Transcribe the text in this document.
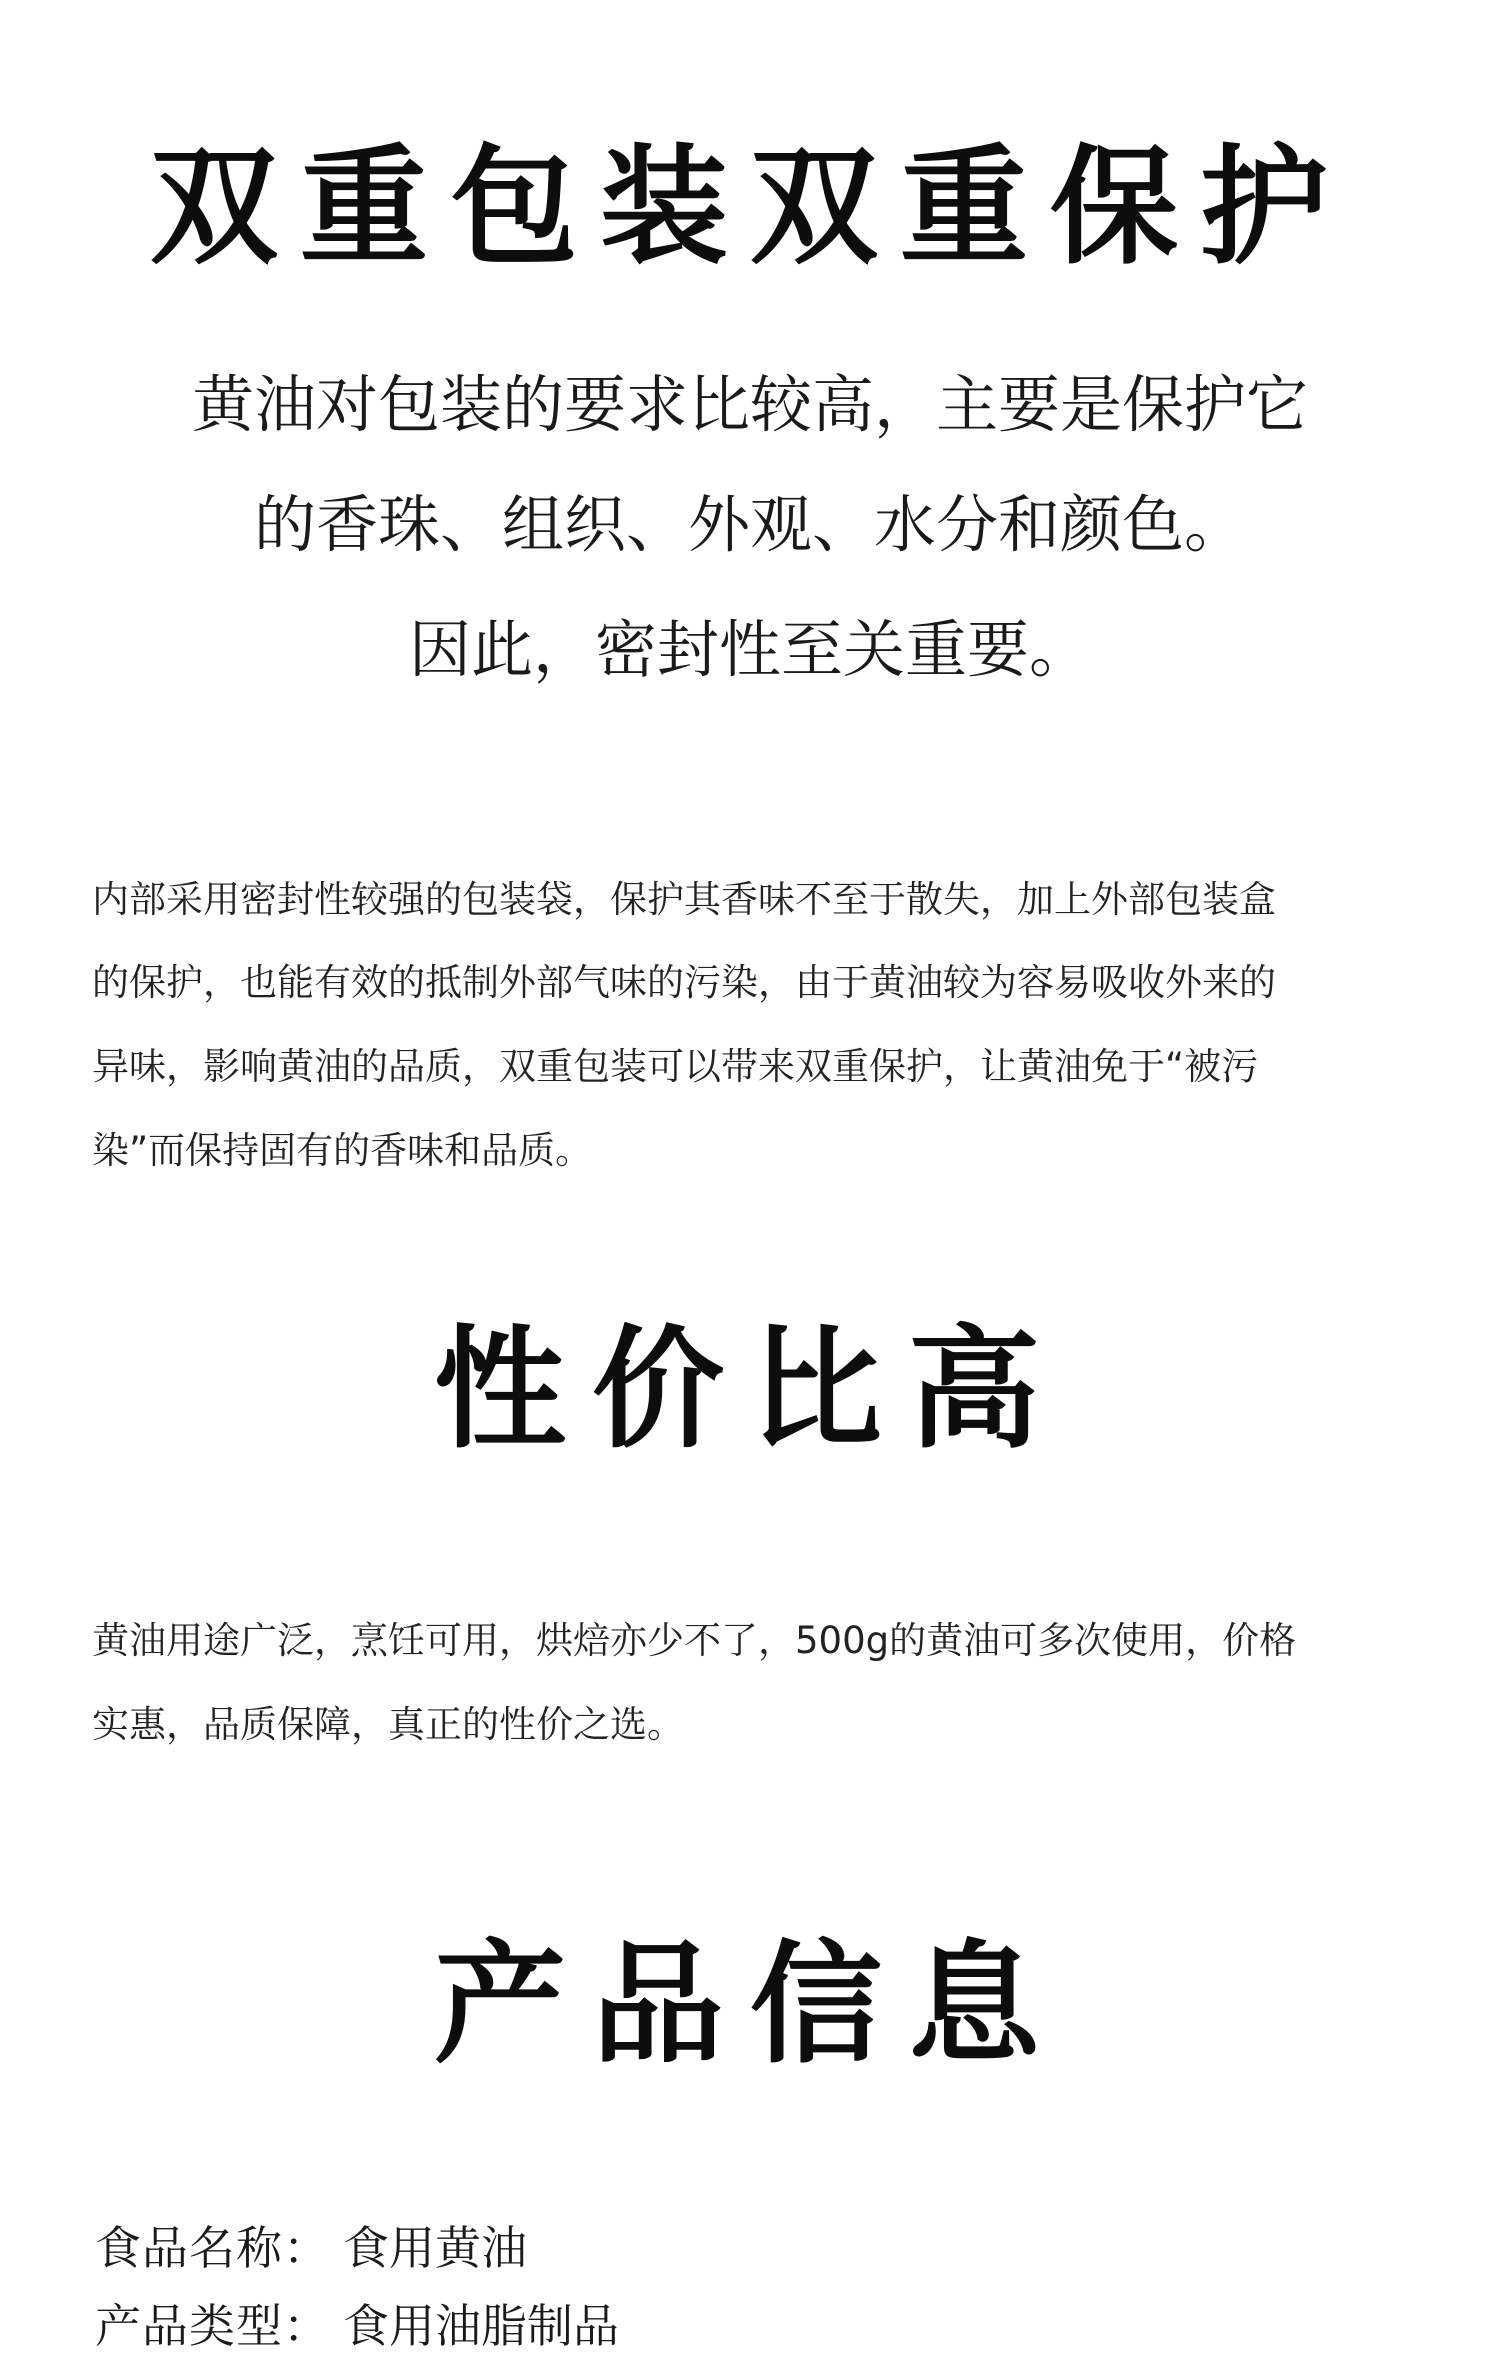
双重包装双重保护
黄油对包装的要求比较高，主要是保护它
的香珠、组织、外观、水分和颜色。
因此，密封性至关重要。
内部采用密封性较强的包装袋，保护其香味不至于散失，加上外部包装盒
的保护，也能有效的抵制外部气味的污染，由于黄油较为容易吸收外来的
异味，影响黄油的品质，双重包装可以带来双重保护，让黄油免于“被污
染”而保持固有的香味和品质。
性价比高
黄油用途广泛，烹饪可用，烘焙亦少不了，500g的黄油可多次使用，价格
实惠，品质保障，真正的性价之选。
产品信息
食品名称： 食用黄油
产品类型： 食用油脂制品
